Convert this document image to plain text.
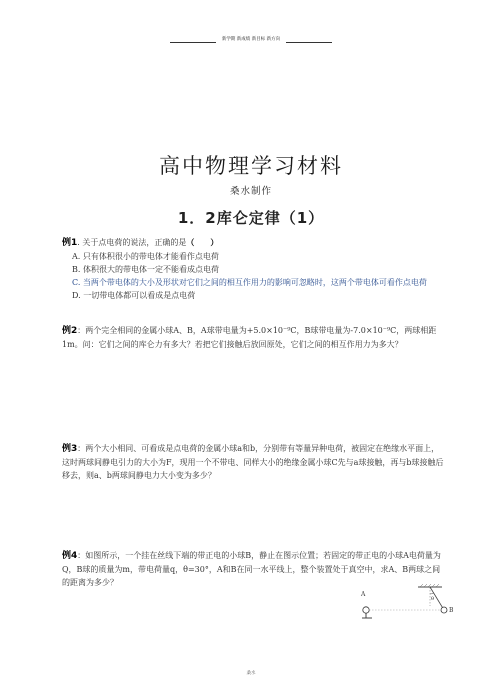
新学期 新成绩 新目标 新方向
高中物理学习材料
桑水制作
1．2库仑定律（1）
例1. 关于点电荷的说法，正确的是（　　）
A. 只有体积很小的带电体才能看作点电荷
B. 体积很大的带电体一定不能看成点电荷
C. 当两个带电体的大小及形状对它们之间的相互作用力的影响可忽略时，这两个带电体可看作点电荷
D. 一切带电体都可以看成是点电荷
例2：两个完全相同的金属小球A、B，A球带电量为+5.0×10⁻⁹C，B球带电量为-7.0×10⁻⁹C，两球相距1m。问：它们之间的库仑力有多大？若把它们接触后放回原处，它们之间的相互作用力为多大？
例3：两个大小相同、可看成是点电荷的金属小球a和b，分别带有等量异种电荷，被固定在绝缘水平面上，这时两球间静电引力的大小为F，现用一个不带电、同样大小的绝缘金属小球C先与a球接触，再与b球接触后移去，则a、b两球间静电力大小变为多少？
例4：如图所示，一个挂在丝线下端的带正电的小球B，静止在图示位置；若固定的带正电的小球A电荷量为Q，B球的质量为m，带电荷量q，θ=30°，A和B在同一水平线上，整个装置处于真空中，求A、B两球之间的距离为多少？
θ
A
B
桑水
